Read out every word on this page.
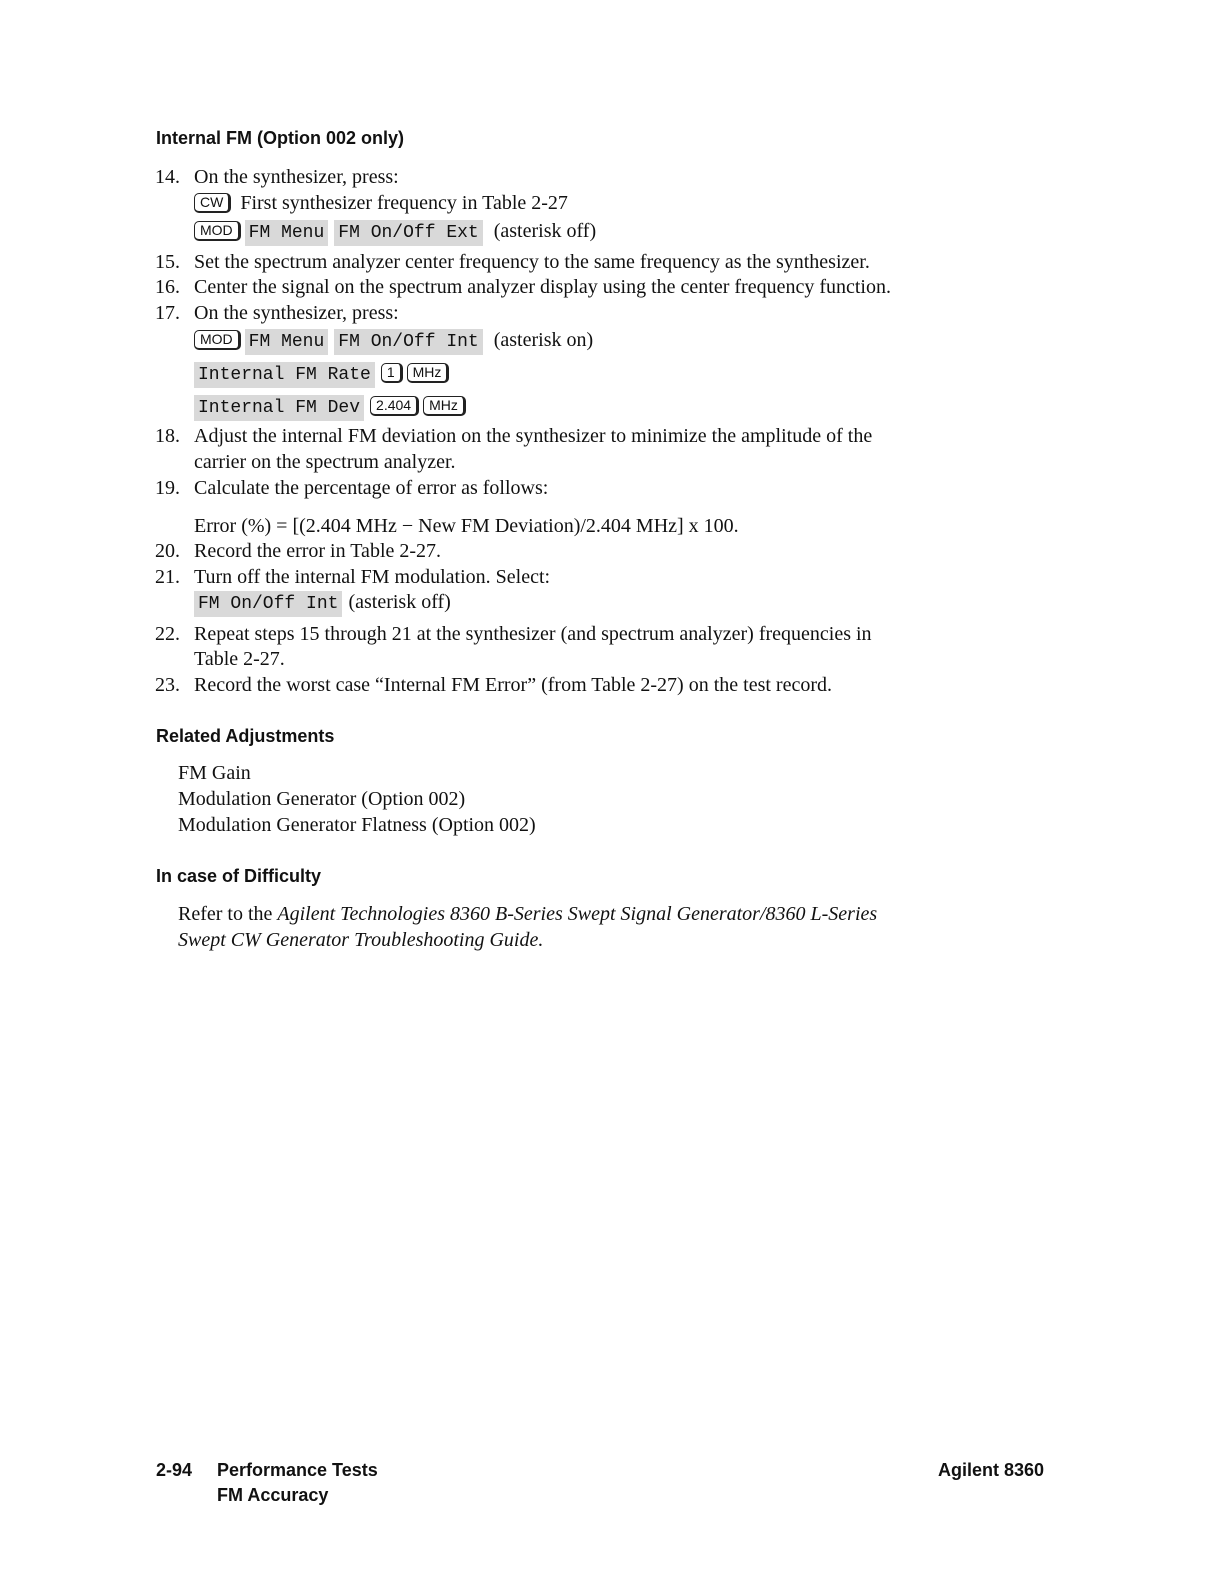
Internal FM (Option 002 only)
14. On the synthesizer, press:
CW First synthesizer frequency in Table 2-27
MOD FM Menu FM On/Off Ext (asterisk off)
15. Set the spectrum analyzer center frequency to the same frequency as the synthesizer.
16. Center the signal on the spectrum analyzer display using the center frequency function.
17. On the synthesizer, press:
MOD FM Menu FM On/Off Int (asterisk on)
Internal FM Rate 1 MHz
Internal FM Dev 2.404 MHz
18. Adjust the internal FM deviation on the synthesizer to minimize the amplitude of the
carrier on the spectrum analyzer.
19. Calculate the percentage of error as follows:
Error (%) = [(2.404 MHz − New FM Deviation)/2.404 MHz] x 100.
20. Record the error in Table 2-27.
21. Turn off the internal FM modulation. Select:
FM On/Off Int (asterisk off)
22. Repeat steps 15 through 21 at the synthesizer (and spectrum analyzer) frequencies in
Table 2-27.
23. Record the worst case “Internal FM Error” (from Table 2-27) on the test record.
Related Adjustments
FM Gain
Modulation Generator (Option 002)
Modulation Generator Flatness (Option 002)
In case of Difficulty
Refer to the Agilent Technologies 8360 B-Series Swept Signal Generator/8360 L-Series
Swept CW Generator Troubleshooting Guide.
2-94 Performance Tests
FM Accuracy
Agilent 8360
